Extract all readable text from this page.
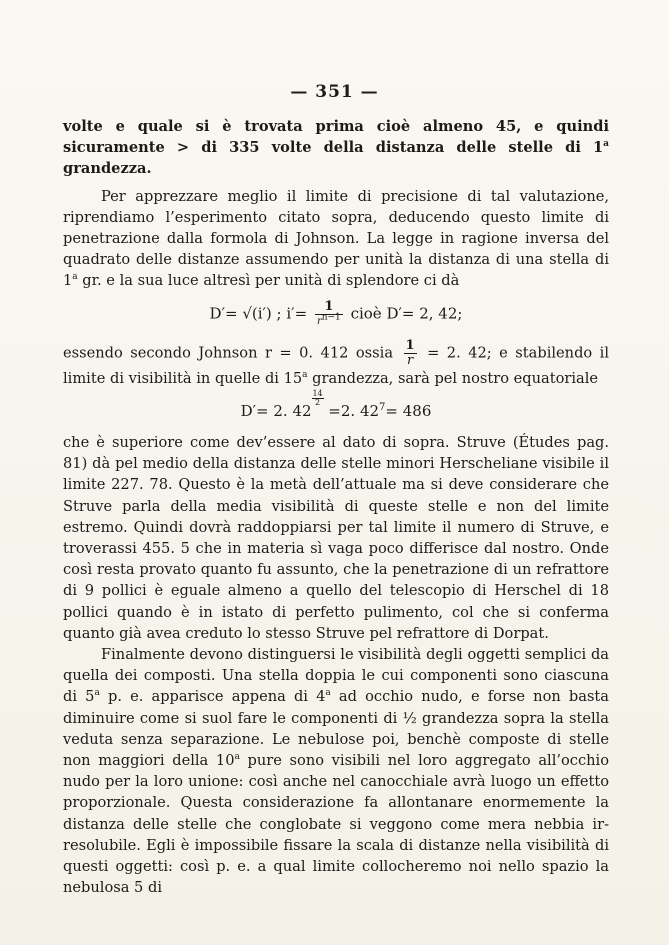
— 351 —

volte e quale si è trovata prima cioè almeno 45, e quindi sicuramente > di 335 volte della distanza delle stelle di 1$^a$ grandezza.

Per apprezzare meglio il limite di precisione di tal valutazione, riprendiamo l’esperimento citato sopra, deducendo questo limite di penetrazione dalla formola di Johnson. La legge in ragione inversa del quadrato delle distanze assumendo per unità la distanza di una stella di 1$^a$ gr. e la sua luce altresì per unità di splendore ci dà

D′= √(i′) ; $i'= \frac{1}{r^{n-1}}$ cioè D′= 2, 42;

essendo secondo Johnson r = 0. 412 ossia $\frac{1}{r} = 2$. 42; e stabilendo il limite di visibilità in quelle di 15$^a$ grandezza, sarà pel nostro equatoriale

D′= 2. 42
$\frac{14}{2}$
=2. $42^7= 486$

che è superiore come dev’essere al dato di sopra. Struve (Études pag. 81) dà pel medio della distanza delle stelle minori Herscheliane visibile il limite 227. 78. Questo è la metà dell’attuale ma si deve considerare che Struve parla della media visibilità di queste stelle e non del limite estremo. Quindi dovrà raddoppiarsi per tal limite il numero di Struve, e troverassi 455. 5 che in materia sì vaga poco differisce dal nostro. Onde così resta provato quanto fu assunto, che la penetrazione di un refrattore di 9 pollici è eguale almeno a quello del telescopio di Herschel di 18 pollici quando è in istato di perfetto pulimento, col che si conferma quanto già avea creduto lo stesso Struve pel refrattore di Dorpat.

Finalmente devono distinguersi le visibilità degli oggetti semplici da quella dei composti. Una stella doppia le cui componenti sono ciascuna di 5$^a$ p. e. apparisce appena di 4$^a$ ad occhio nudo, e forse non basta diminuire come si suol fare le componenti di ½ grandezza sopra la stella veduta senza separazione. Le nebulose poi, benchè composte di stelle non maggiori della 10$^a$ pure sono visibili nel loro aggregato all’occhio nudo per la loro unione: così anche nel canocchiale avrà luogo un effetto proporzionale. Questa considerazione fa allontanare enormemente la distanza delle stelle che conglobate si veggono come mera nebbia irresolubile. Egli è impossibile fissare la scala di distanze nella visibilità di questi oggetti: così p. e. a qual limite collocheremo noi nello spazio la nebulosa 5 di
